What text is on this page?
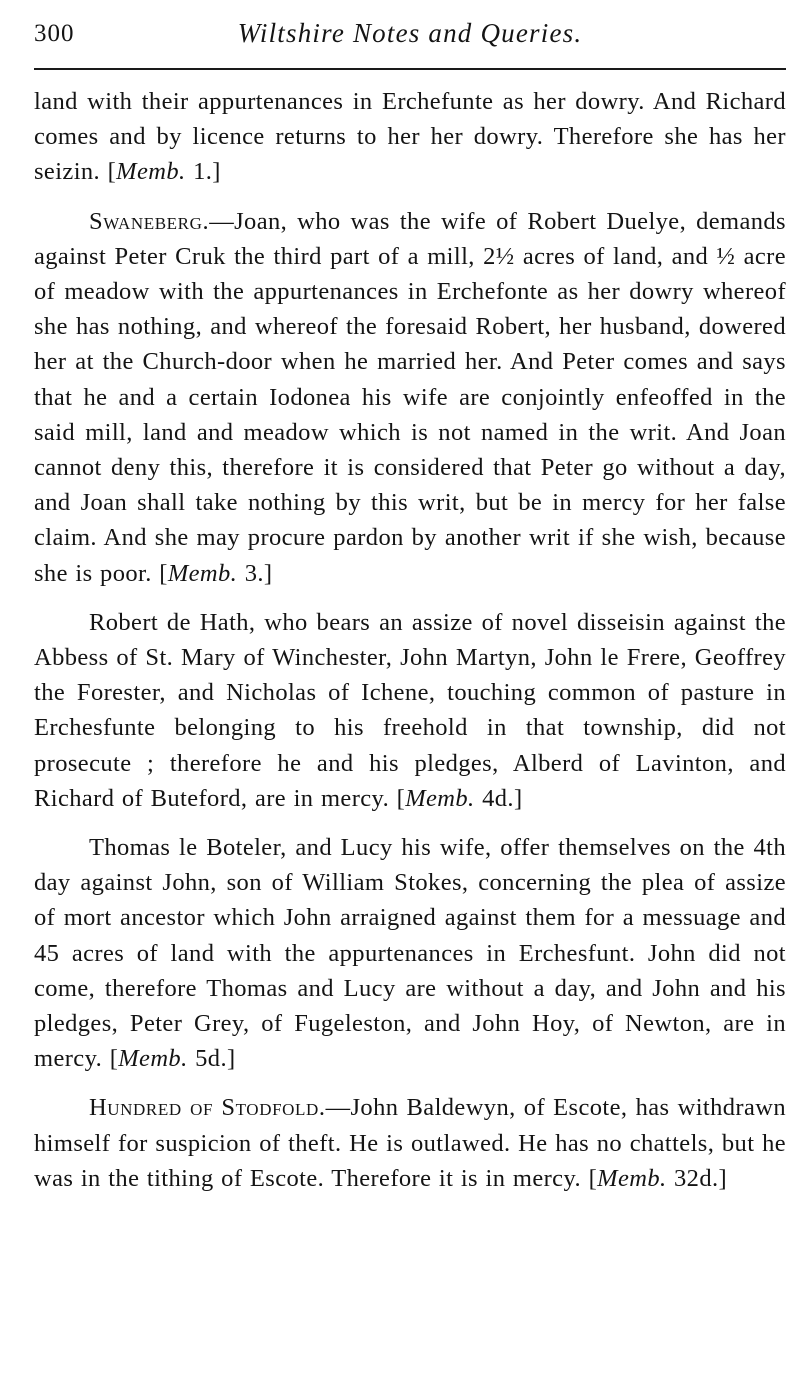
300	Wiltshire Notes and Queries.

land with their appurtenances in Erchefunte as her dowry. And Richard comes and by licence returns to her her dowry. Therefore she has her seizin. [Memb. 1.]

Swaneberg.—Joan, who was the wife of Robert Duelye, demands against Peter Cruk the third part of a mill, 2½ acres of land, and ½ acre of meadow with the appurtenances in Erchefonte as her dowry whereof she has nothing, and whereof the foresaid Robert, her husband, dowered her at the Church-door when he married her. And Peter comes and says that he and a certain Iodonea his wife are conjointly enfeoffed in the said mill, land and meadow which is not named in the writ. And Joan cannot deny this, therefore it is considered that Peter go without a day, and Joan shall take nothing by this writ, but be in mercy for her false claim. And she may procure pardon by another writ if she wish, because she is poor. [Memb. 3.]

Robert de Hath, who bears an assize of novel disseisin against the Abbess of St. Mary of Winchester, John Martyn, John le Frere, Geoffrey the Forester, and Nicholas of Ichene, touching common of pasture in Erchesfunte belonging to his freehold in that township, did not prosecute ; therefore he and his pledges, Alberd of Lavinton, and Richard of Buteford, are in mercy. [Memb. 4d.]

Thomas le Boteler, and Lucy his wife, offer themselves on the 4th day against John, son of William Stokes, concerning the plea of assize of mort ancestor which John arraigned against them for a messuage and 45 acres of land with the appurtenances in Erchesfunt. John did not come, therefore Thomas and Lucy are without a day, and John and his pledges, Peter Grey, of Fugeleston, and John Hoy, of Newton, are in mercy. [Memb. 5d.]

Hundred of Stodfold.—John Baldewyn, of Escote, has withdrawn himself for suspicion of theft. He is outlawed. He has no chattels, but he was in the tithing of Escote. Therefore it is in mercy. [Memb. 32d.]
